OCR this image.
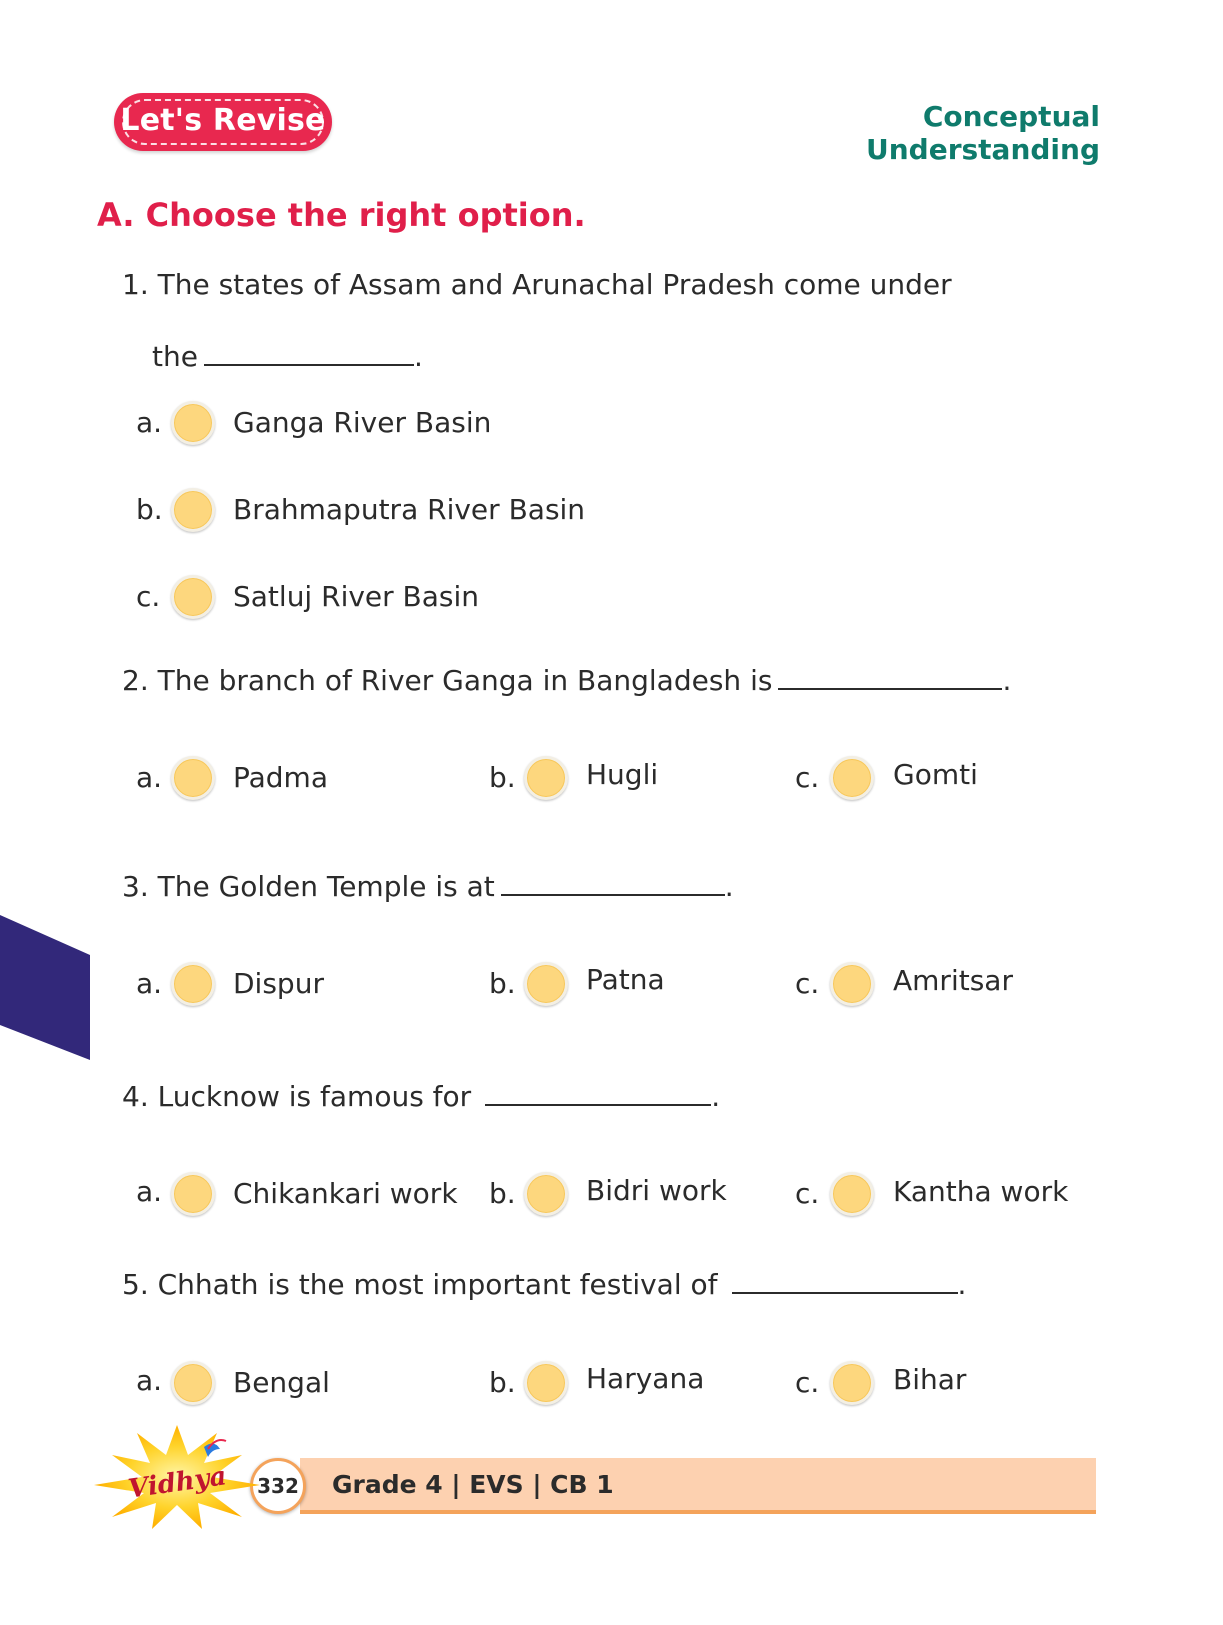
Let's Revise	Conceptual Understanding
A. Choose the right option.
1. The states of Assam and Arunachal Pradesh come under
the	.
a.	Ganga River Basin
b.	Brahmaputra River Basin
c.	Satluj River Basin
2. The branch of River Ganga in Bangladesh is	.
a.	Padma	b.	Hugli	c.	Gomti
3. The Golden Temple is at	.
a.	Dispur	b.	Patna	c.	Amritsar
4. Lucknow is famous for	.
a.	Chikankari work b.	Bidri work c.	Kantha work
5. Chhath is the most important festival of	.
a.	Bengal	b.	Haryana	c.	Bihar
Grade 4 | EVS | CB 1
332
Vidhya
